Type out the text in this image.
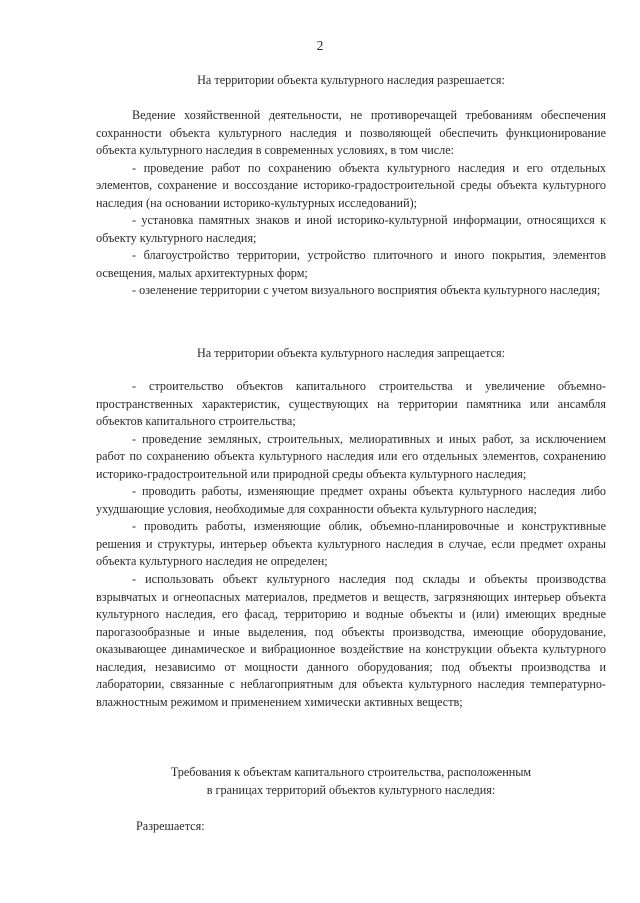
2
На территории объекта культурного наследия разрешается:

Ведение хозяйственной деятельности, не противоречащей требованиям обеспечения сохранности объекта культурного наследия и позволяющей обеспечить функционирование объекта культурного наследия в современных условиях, в том числе:

- проведение работ по сохранению объекта культурного наследия и его отдельных элементов, сохранение и воссоздание историко-градостроительной среды объекта культурного наследия (на основании историко-культурных исследований);

- установка памятных знаков и иной историко-культурной информации, относящихся к объекту культурного наследия;

- благоустройство территории, устройство плиточного и иного покрытия, элементов освещения, малых архитектурных форм;

- озеленение территории с учетом визуального восприятия объекта культурного наследия;

На территории объекта культурного наследия запрещается:

- строительство объектов капитального строительства и увеличение объемно-пространственных характеристик, существующих на территории памятника или ансамбля объектов капитального строительства;

- проведение земляных, строительных, мелиоративных и иных работ, за исключением работ по сохранению объекта культурного наследия или его отдельных элементов, сохранению историко-градостроительной или природной среды объекта культурного наследия;

- проводить работы, изменяющие предмет охраны объекта культурного наследия либо ухудшающие условия, необходимые для сохранности объекта культурного наследия;

- проводить работы, изменяющие облик, объемно-планировочные и конструктивные решения и структуры, интерьер объекта культурного наследия в случае, если предмет охраны объекта культурного наследия не определен;

- использовать объект культурного наследия под склады и объекты производства взрывчатых и огнеопасных материалов, предметов и веществ, загрязняющих интерьер объекта культурного наследия, его фасад, территорию и водные объекты и (или) имеющих вредные парогазообразные и иные выделения, под объекты производства, имеющие оборудование, оказывающее динамическое и вибрационное воздействие на конструкции объекта культурного наследия, независимо от мощности данного оборудования; под объекты производства и лаборатории, связанные с неблагоприятным для объекта культурного наследия температурно-влажностным режимом и применением химически активных веществ;

Требования к объектам капитального строительства, расположенным
в границах территорий объектов культурного наследия:
Разрешается:
